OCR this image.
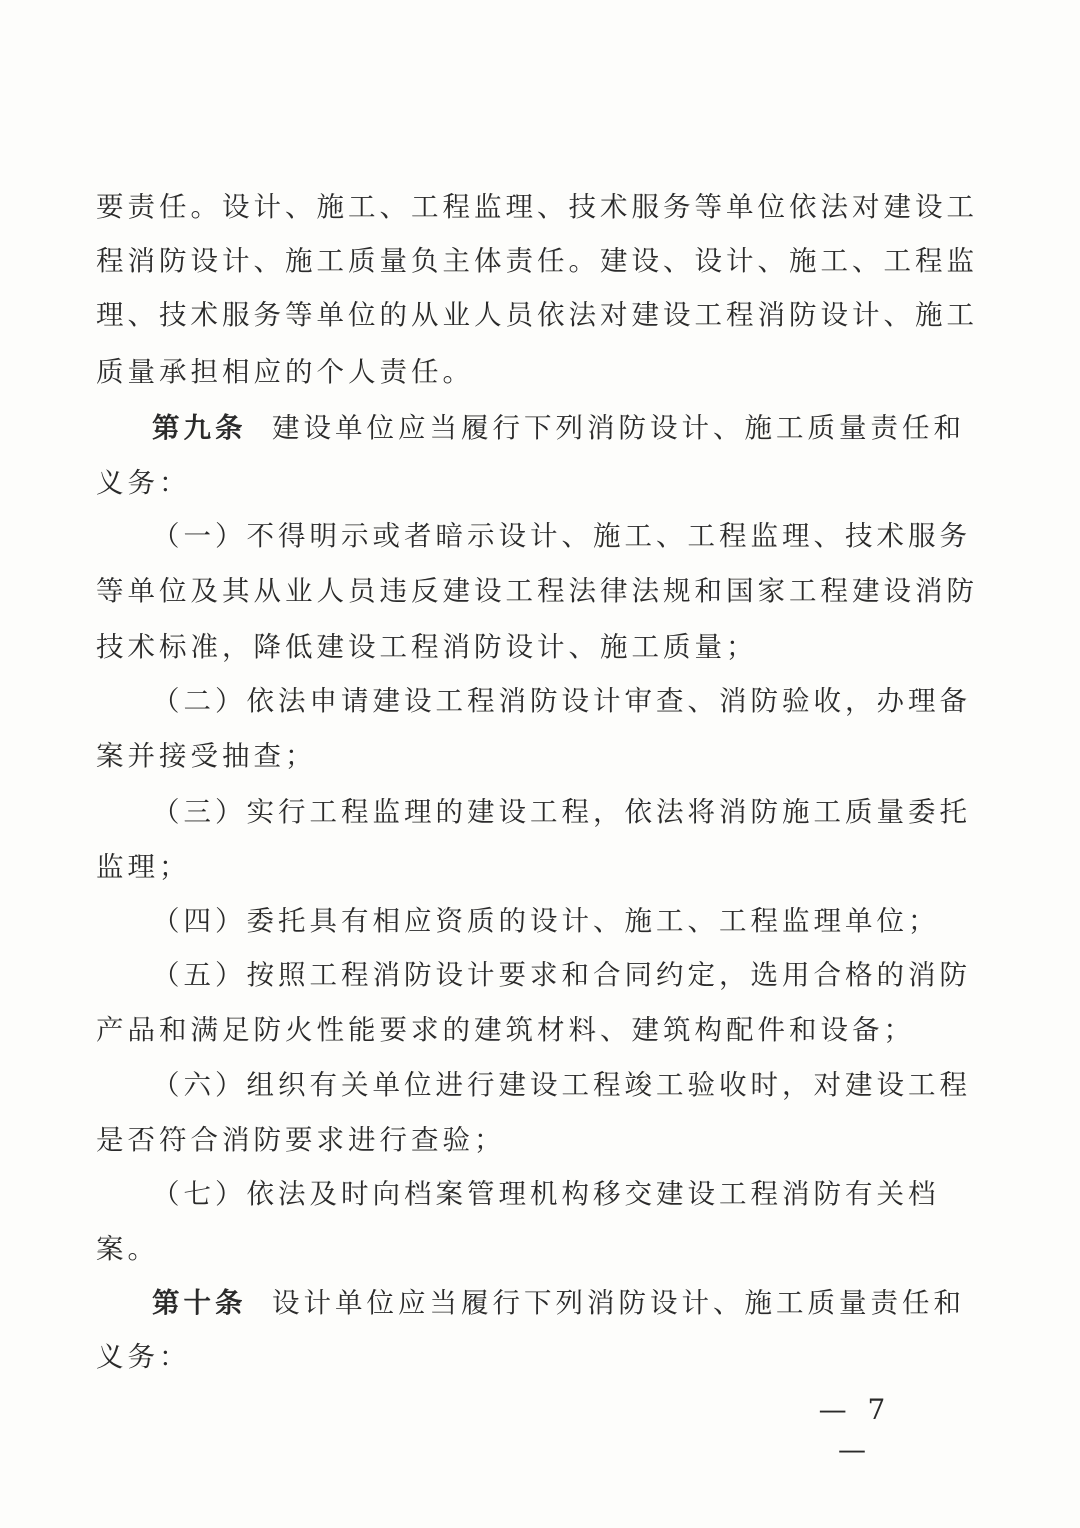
要责任。设计、施工、工程监理、技术服务等单位依法对建设工
程消防设计、施工质量负主体责任。建设、设计、施工、工程监
理、技术服务等单位的从业人员依法对建设工程消防设计、施工
质量承担相应的个人责任。
第九条 建设单位应当履行下列消防设计、施工质量责任和
义务：
（一）不得明示或者暗示设计、施工、工程监理、技术服务
等单位及其从业人员违反建设工程法律法规和国家工程建设消防
技术标准，降低建设工程消防设计、施工质量；
（二）依法申请建设工程消防设计审查、消防验收，办理备
案并接受抽查；
（三）实行工程监理的建设工程，依法将消防施工质量委托
监理；
（四）委托具有相应资质的设计、施工、工程监理单位；
（五）按照工程消防设计要求和合同约定，选用合格的消防
产品和满足防火性能要求的建筑材料、建筑构配件和设备；
（六）组织有关单位进行建设工程竣工验收时，对建设工程
是否符合消防要求进行查验；
（七）依法及时向档案管理机构移交建设工程消防有关档
案。
第十条 设计单位应当履行下列消防设计、施工质量责任和
义务：
— 7 —
